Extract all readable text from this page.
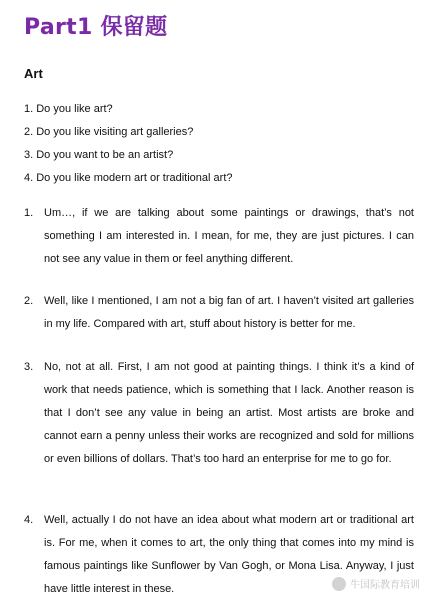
Part1 保留题
Art
1. Do you like art?
2. Do you like visiting art galleries?
3. Do you want to be an artist?
4. Do you like modern art or traditional art?
1. Um…, if we are talking about some paintings or drawings, that’s not something I am interested in. I mean, for me, they are just pictures. I can not see any value in them or feel anything different.
2. Well, like I mentioned, I am not a big fan of art. I haven’t visited art galleries in my life. Compared with art, stuff about history is better for me.
3. No, not at all. First, I am not good at painting things. I think it’s a kind of work that needs patience, which is something that I lack. Another reason is that I don’t see any value in being an artist. Most artists are broke and cannot earn a penny unless their works are recognized and sold for millions or even billions of dollars. That’s too hard an enterprise for me to go for.
4. Well, actually I do not have an idea about what modern art or traditional art is. For me, when it comes to art, the only thing that comes into my mind is famous paintings like Sunflower by Van Gogh, or Mona Lisa. Anyway, I just have little interest in these.	牛国际教育培训
